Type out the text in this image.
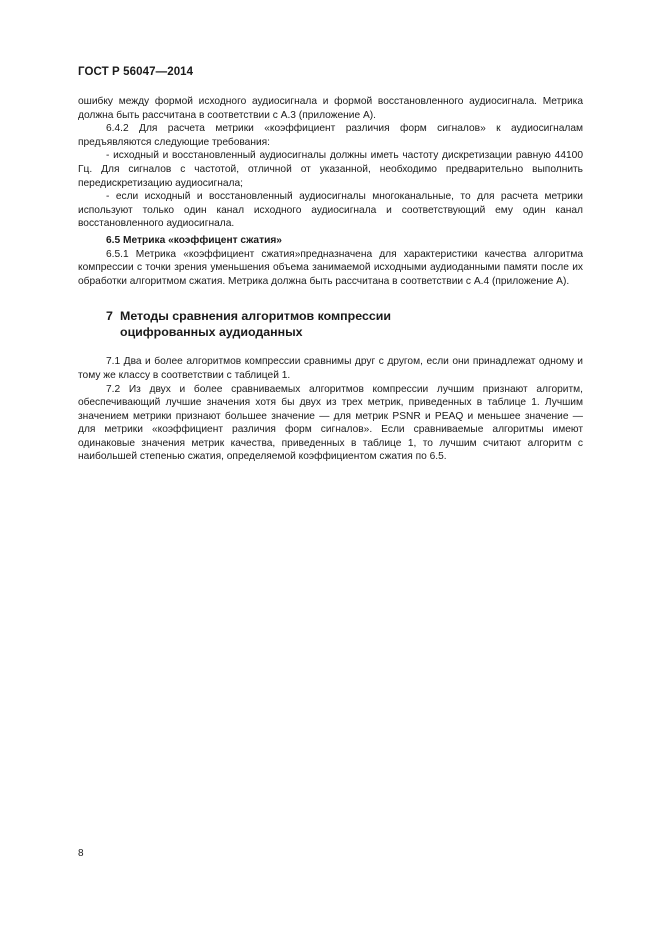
ГОСТ Р 56047—2014

ошибку между формой исходного аудиосигнала и формой восстановленного аудиосигнала. Метрика должна быть рассчитана в соответствии с А.3 (приложение А).

6.4.2 Для расчета метрики «коэффициент различия форм сигналов» к аудиосигналам предъявляются следующие требования:

- исходный и восстановленный аудиосигналы должны иметь частоту дискретизации равную 44100 Гц. Для сигналов с частотой, отличной от указанной, необходимо предварительно выполнить передискретизацию аудиосигнала;

- если исходный и восстановленный аудиосигналы многоканальные, то для расчета метрики используют только один канал исходного аудиосигнала и соответствующий ему один канал восстановленного аудиосигнала.

6.5 Метрика «коэффицент сжатия»

6.5.1 Метрика «коэффициент сжатия»предназначена для характеристики качества алгоритма компрессии с точки зрения уменьшения объема занимаемой исходными аудиоданными памяти после их обработки алгоритмом сжатия. Метрика должна быть рассчитана в соответствии с А.4 (приложение А).

7 Методы сравнения алгоритмов компрессии
оцифрованных аудиоданных

7.1 Два и более алгоритмов компрессии сравнимы друг с другом, если они принадлежат одному и тому же классу в соответствии с таблицей 1.

7.2 Из двух и более сравниваемых алгоритмов компрессии лучшим признают алгоритм, обеспечивающий лучшие значения хотя бы двух из трех метрик, приведенных в таблице 1. Лучшим значением метрики признают большее значение — для метрик PSNR и PEAQ и меньшее значение — для метрики «коэффициент различия форм сигналов». Если сравниваемые алгоритмы имеют одинаковые значения метрик качества, приведенных в таблице 1, то лучшим считают алгоритм с наибольшей степенью сжатия, определяемой коэффициентом сжатия по 6.5.

8
